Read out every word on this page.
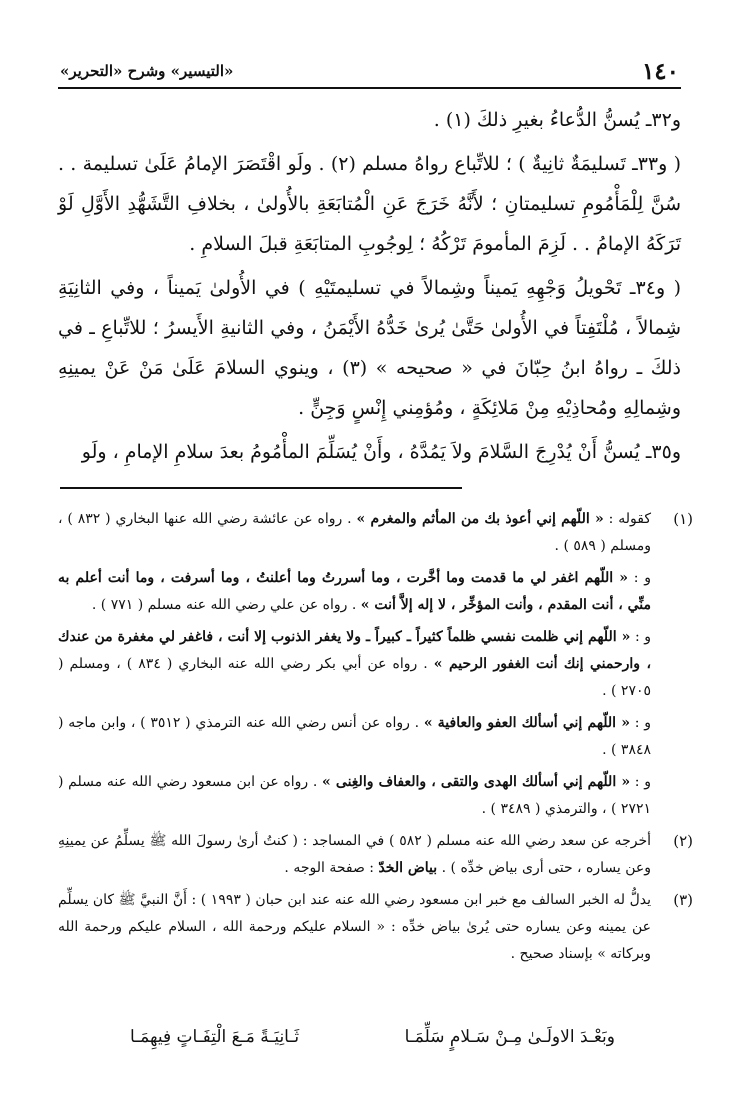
١٤٠
«التيسير» وشرح «التحرير»

و٣٢ـ يُسنُّ الدُّعاءُ بغيرِ ذلكَ (١) .

( و٣٣ـ تَسليمَةٌ ثانِيةٌ ) ؛ للاتِّباع رواهُ مسلم (٢) . ولَو اقْتَصَرَ الإمامُ عَلَىٰ تسليمة . . سُنَّ لِلْمَأْمُومِ تسليمتانِ ؛ لأَنَّهُ خَرَجَ عَنِ الْمُتابَعَةِ بالأُولىٰ ، بخلافِ التَّشَهُّدِ الأَوَّلِ لَوْ تَرَكَهُ الإمامُ . . لَزِمَ المأمومَ تَرْكُهُ ؛ لِوجُوبِ المتابَعَةِ قبلَ السلامِ .

( و٣٤ـ تَحْويلُ وَجْهِهِ يَميناً وشِمالاً في تسليمتَيْهِ ) في الأُولىٰ يَميناً ، وفي الثانِيَةِ شِمالاً ، مُلْتَفِتاً في الأُولىٰ حَتَّىٰ يُرىٰ خَدُّهُ الأَيْمَنُ ، وفي الثانيةِ الأَيسرُ ؛ للاتِّباعِ ـ في ذلكَ ـ رواهُ ابنُ حِبّانَ في « صحيحه » (٣) ، وينوي السلامَ عَلَىٰ مَنْ عَنْ يمينِهِ وشِمالِهِ ومُحاذِيْهِ مِنْ مَلائِكَةٍ ، ومُؤمِني إِنْسٍ وَجِنٍّ .

و٣٥ـ يُسنُّ أَنْ يُدْرِجَ السَّلامَ ولاَ يَمُدَّهُ ، وأَنْ يُسَلِّمَ المأْمُومُ بعدَ سلامِ الإمامِ ، ولَو

(١)

كقوله : « اللّهم إني أعوذ بك من المأثم والمغرم » . رواه عن عائشة رضي الله عنها البخاري ( ٨٣٢ ) ، ومسلم ( ٥٨٩ ) .

و : « اللّهم اغفر لي ما قدمت وما أخَّرت ، وما أسررتُ وما أعلنتُ ، وما أسرفت ، وما أنت أعلم به منِّي ، أنت المقدم ، وأنت المؤخِّر ، لا إله إلاَّ أنت » . رواه عن علي رضي الله عنه مسلم ( ٧٧١ ) .

و : « اللّهم إني ظلمت نفسي ظلماً كثيراً ـ كبيراً ـ ولا يغفر الذنوب إلا أنت ، فاغفر لي مغفرة من عندك ، وارحمني إنك أنت الغفور الرحيم » . رواه عن أبي بكر رضي الله عنه البخاري ( ٨٣٤ ) ، ومسلم ( ٢٧٠٥ ) .

و : « اللّهم إني أسألك العفو والعافية » . رواه عن أنس رضي الله عنه الترمذي ( ٣٥١٢ ) ، وابن ماجه ( ٣٨٤٨ ) .

و : « اللّهم إني أسألك الهدى والتقى ، والعفاف والغِنى » . رواه عن ابن مسعود رضي الله عنه مسلم ( ٢٧٢١ ) ، والترمذي ( ٣٤٨٩ ) .

(٢)

أخرجه عن سعد رضي الله عنه مسلم ( ٥٨٢ ) في المساجد : ( كنتُ أرىٰ رسولَ الله ﷺ يسلِّمُ عن يمينِهِ وعن يساره ، حتى أرى بياض خدِّه ) . بياض الخدّ : صفحة الوجه .

(٣)

يدلُّ له الخبر السالف مع خبر ابن مسعود رضي الله عنه عند ابن حبان ( ١٩٩٣ ) : أَنَّ النبيَّ ﷺ كان يسلِّم عن يمينه وعن يساره حتى يُرىٰ بياض خدِّه : « السلام عليكم ورحمة الله ، السلام عليكم ورحمة الله وبركاته » بإسناد صحيح .

وبَعْـدَ الاولَـىٰ مِـنْ سَـلامٍ سَلِّمَـا
ثَـانِيَـةً مَـعَ الْتِفَـاتٍ فِيهِمَـا
